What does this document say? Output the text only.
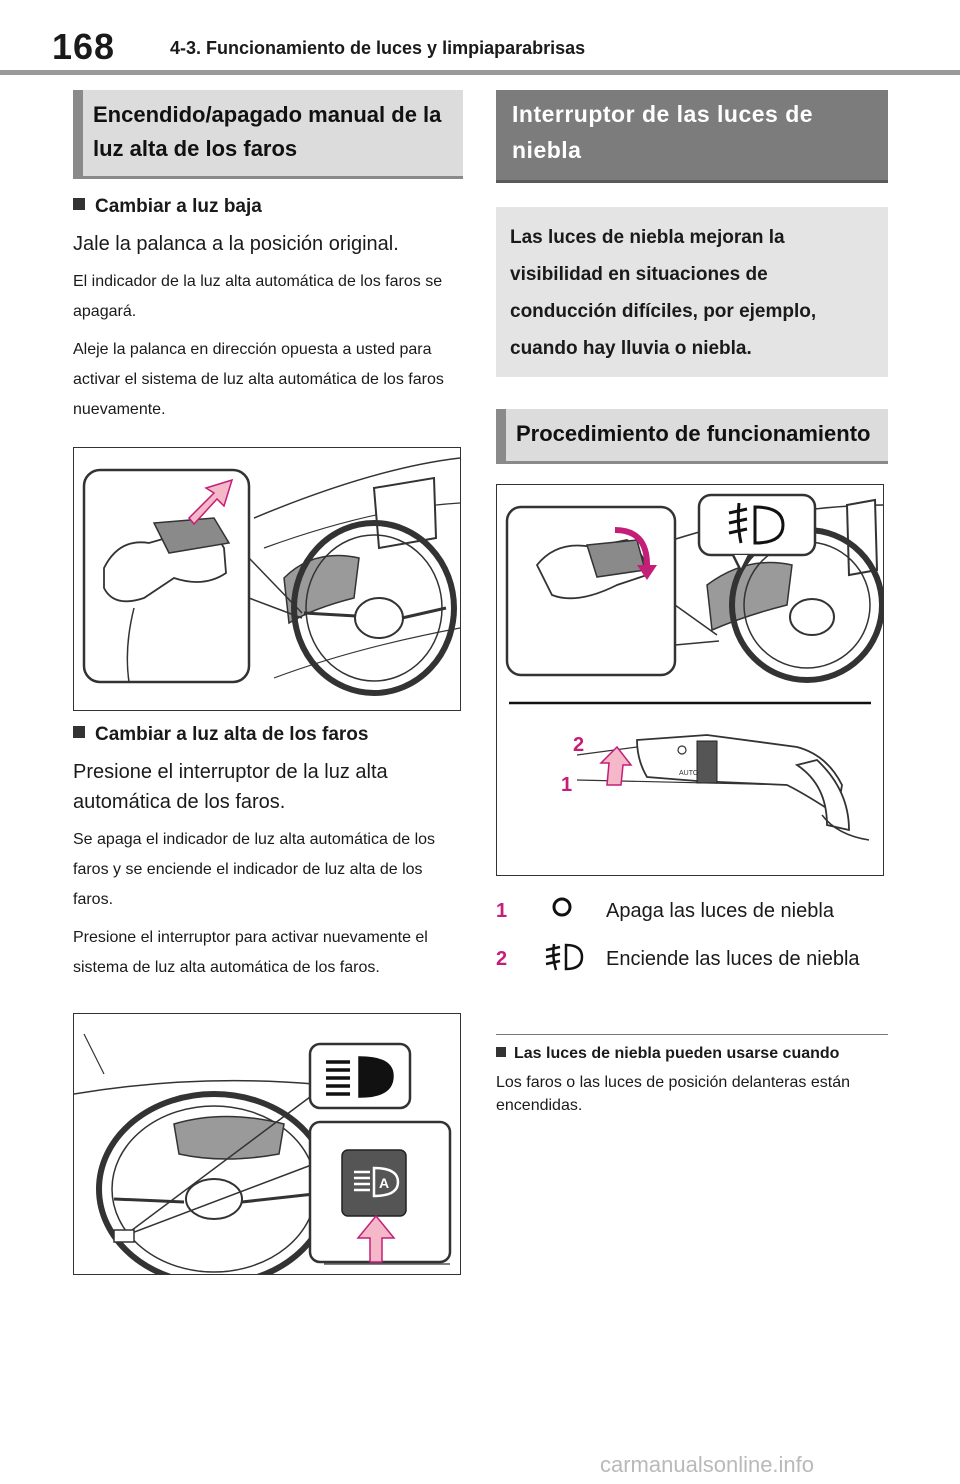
168	4-3. Funcionamiento de luces y limpiaparabrisas
Encendido/apagado manual de la luz alta de los faros
Cambiar a luz baja
Jale la palanca a la posición original.
El indicador de la luz alta automática de los faros se apagará.
Aleje la palanca en dirección opuesta a usted para activar el sistema de luz alta automática de los faros nuevamente.
Cambiar a luz alta de los faros
Presione el interruptor de la luz alta automática de los faros.
Se apaga el indicador de luz alta automática de los faros y se enciende el indicador de luz alta de los faros.
Presione el interruptor para activar nuevamente el sistema de luz alta automática de los faros.
A
Interruptor de las luces de niebla
Las luces de niebla mejoran la visibilidad en situaciones de conducción difíciles, por ejemplo, cuando hay lluvia o niebla.
Procedimiento de funcionamiento
AUTO
2
1
1	Apaga las luces de niebla
2	Enciende las luces de niebla
Las luces de niebla pueden usarse cuando
Los faros o las luces de posición delanteras están encendidas.
carmanualsonline.info
